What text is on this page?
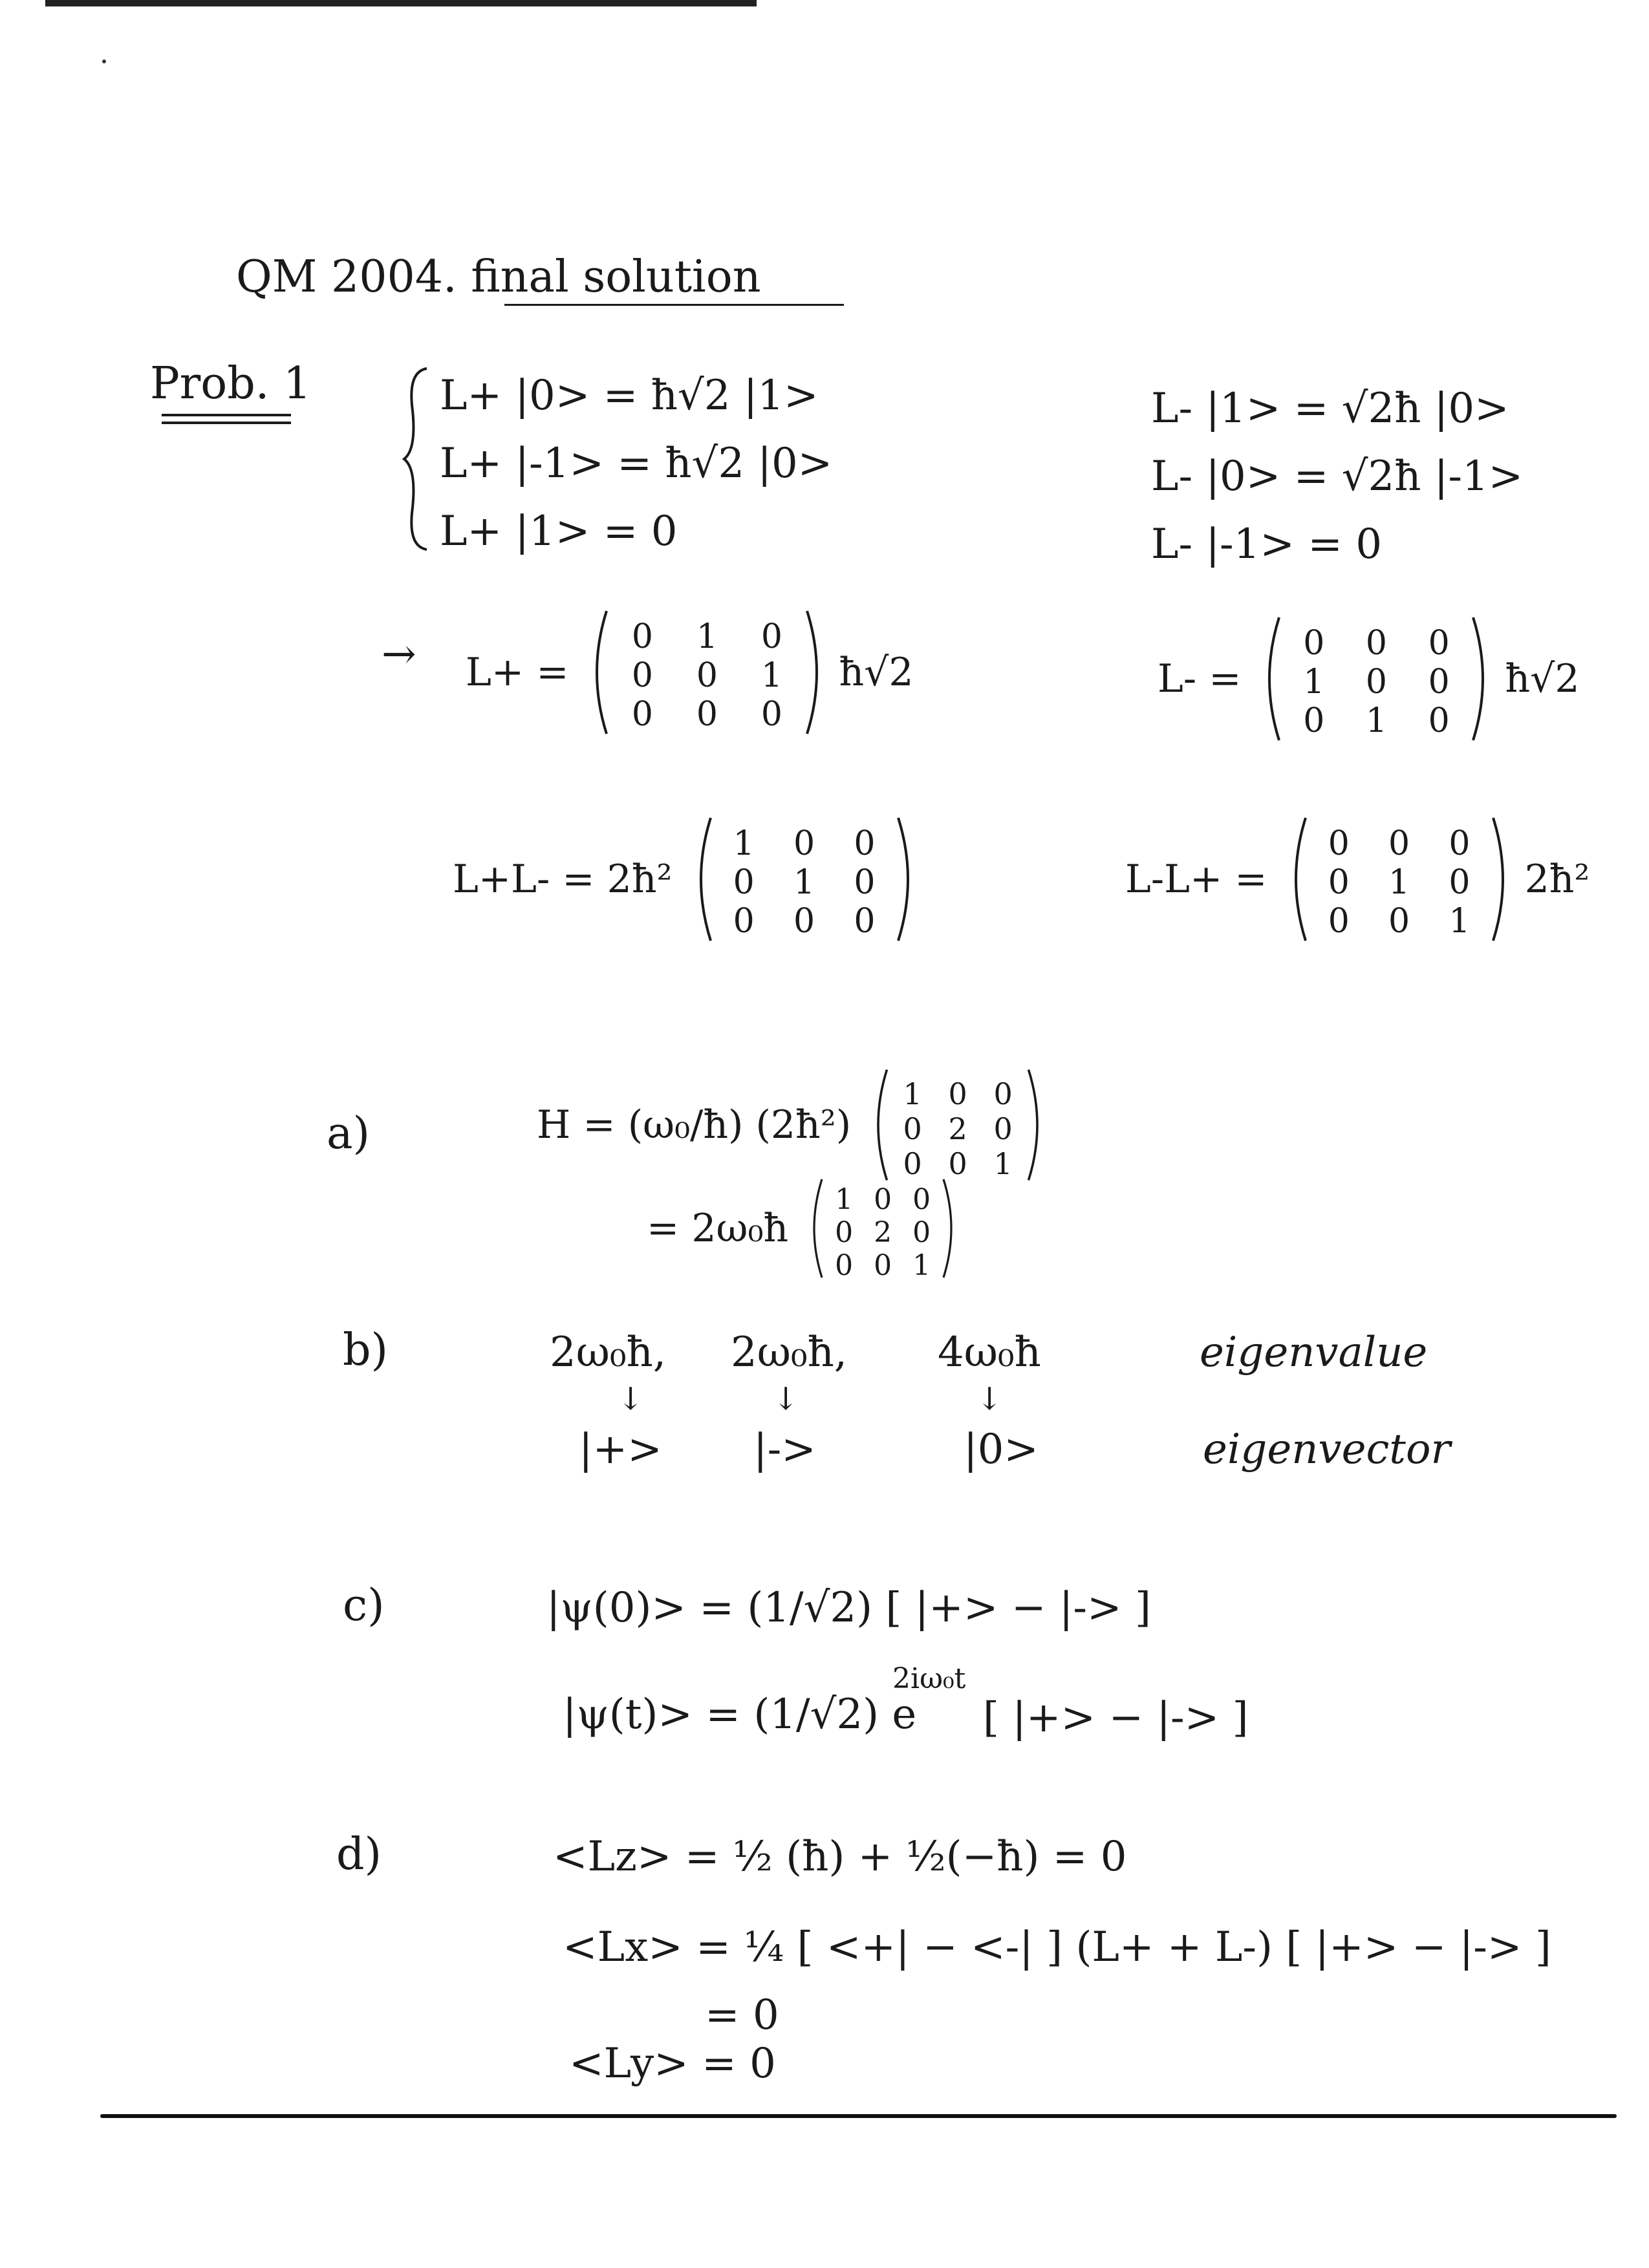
QM 2004. final solution
Prob. 1	L+ |0> = ħ√2 |1>
L+ |-1> = ħ√2 |0>
L+ |1> = 0
L- |1> = √2ħ |0>
L- |0> = √2ħ |-1>
L- |-1> = 0
→ L+ =
0 1 0
0 0 1
0 0 0
ħ√2	L- =
0 0 0
1 0 0
0 1 0
ħ√2
L+L- = 2ħ²
1 0 0
0 1 0
0 0 0
L-L+ =
0 0 0
0 1 0
0 0 1
2ħ²
a)	H = (ω₀/ħ) (2ħ²)
1 0 0
0 2 0
0 0 1
= 2ω₀ħ
1 0 0
0 2 0
0 0 1
b)	2ω₀ħ, 2ω₀ħ, 4ω₀ħ
↓	↓	↓
|+> |->	|0>
eigenvalue
eigenvector
c)	|ψ(0)> = (1/√2) [ |+> − |-> ]
|ψ(t)> = (1/√2) e
2iω₀t
[ |+> − |-> ]
d)	<Lz> = ½ (ħ) + ½(−ħ) = 0
<Lx> = ¼ [ <+| − <-| ] (L+ + L-) [ |+> − |-> ]
= 0
<Ly> = 0
